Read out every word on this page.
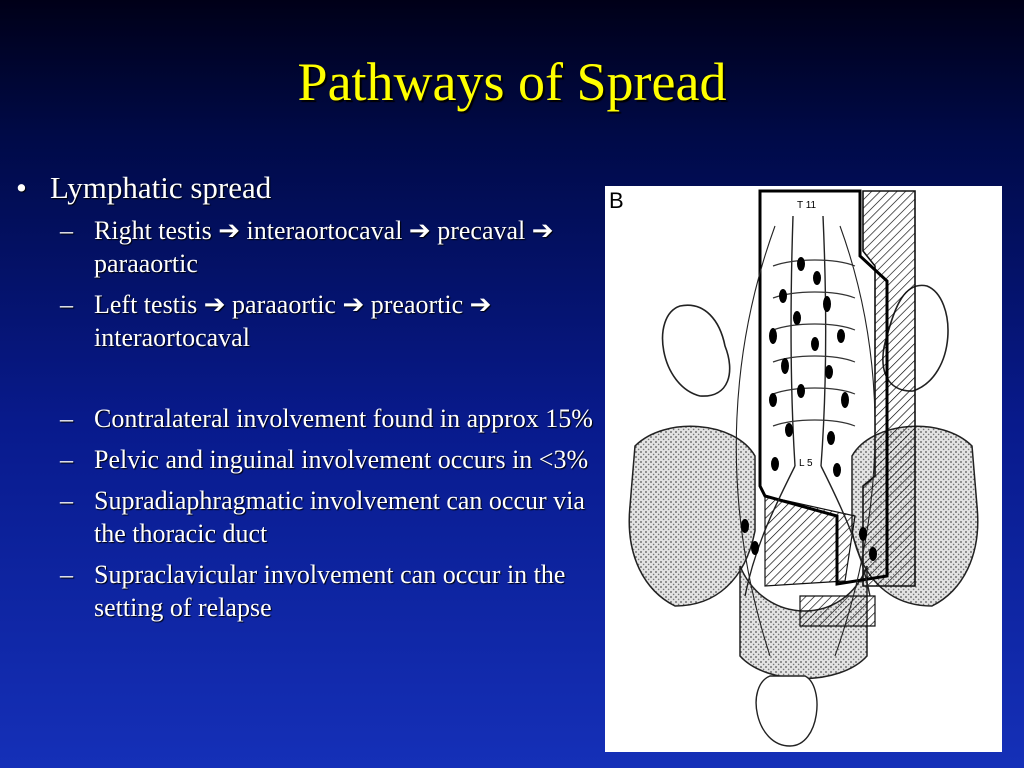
Pathways of Spread
• Lymphatic spread
– Right testis ➔ interaortocaval ➔ precaval ➔ paraaortic
– Left testis ➔ paraaortic ➔ preaortic ➔ interaortocaval
– Contralateral involvement found in approx 15%
– Pelvic and inguinal involvement occurs in <3%
– Supradiaphragmatic involvement can occur via the thoracic duct
– Supraclavicular involvement can occur in the setting of relapse
T 11
L 5
B
